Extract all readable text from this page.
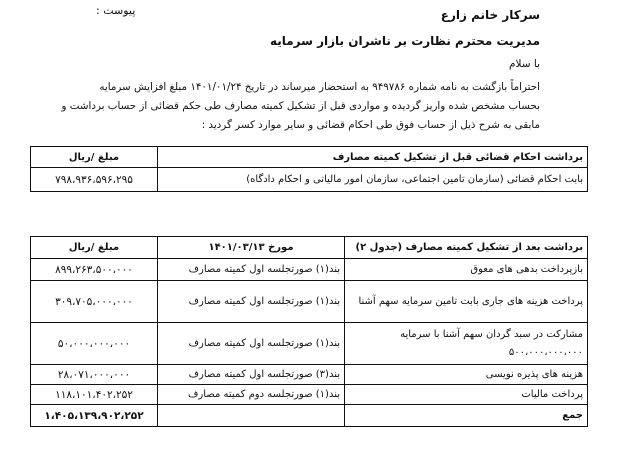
پیوست :	سرکار خانم زارع
مدیریت محترم نظارت بر ناشران بازار سرمایه
با سلام

احتراماً بازگشت به نامه شماره ۹۴۹۷۸۶ به استحضار میرساند در تاریخ ۱۴۰۱/۰۱/۲۴ مبلغ افزایش سرمایه

بحساب مشخص شده واریز گردیده و مواردی قبل از تشکیل کمیته مصارف طی حکم قضائی از حساب برداشت و

مابقی به شرح ذیل از حساب فوق طی احکام قضائی و سایر موارد کسر گردید :

برداشت احکام قضائی قبل از تشکیل کمیته مصارف	مبلغ /ریال
بابت احکام قضائی (سازمان تامین اجتماعی، سازمان امور مالیاتی و احکام دادگاه)	۷۹۸،۹۳۶،۵۹۶،۲۹۵
برداشت بعد از تشکیل کمیته مصارف (جدول ۲)	مورخ ۱۴۰۱/۰۳/۱۳	مبلغ /ریال
بازپرداخت بدهی های معوق	بند(۱) صورتجلسه اول کمیته مصارف	۸۹۹،۲۶۳،۵۰۰،۰۰۰
پرداخت هزینه های جاری بابت تامین سرمایه سهم آشنا	بند(۱) صورتجلسه اول کمیته مصارف	۳۰۹،۷۰۵،۰۰۰،۰۰۰
مشارکت در سبد گردان سهم آشنا با سرمایه ۵۰۰،۰۰۰،۰۰۰،۰۰۰	بند(۱) صورتجلسه اول کمیته مصارف	۵۰،۰۰۰،۰۰۰،۰۰۰
هزینه های پذیره نویسی	بند(۳) صورتجلسه اول کمیته مصارف	۲۸،۰۷۱،۰۰۰،۰۰۰
پرداخت مالیات	بند(۱) صورتجلسه دوم کمیته مصارف	۱۱۸،۱۰۱،۴۰۲،۲۵۲
جمع		۱،۴۰۵،۱۳۹،۹۰۲،۲۵۲
